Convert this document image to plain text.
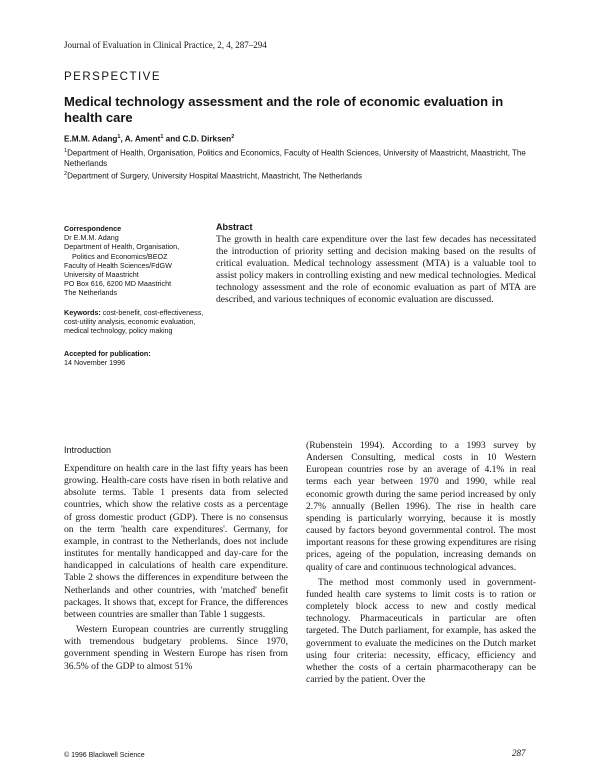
Journal of Evaluation in Clinical Practice, 2, 4, 287–294
PERSPECTIVE
Medical technology assessment and the role of economic evaluation in health care
E.M.M. Adang$^1$, A. Ament$^1$ and C.D. Dirksen$^2$
$^1$Department of Health, Organisation, Politics and Economics, Faculty of Health Sciences, University of Maastricht, Maastricht, The Netherlands
$^2$Department of Surgery, University Hospital Maastricht, Maastricht, The Netherlands
Correspondence
Dr E.M.M. Adang
Department of Health, Organisation,
Politics and Economics/BEOZ
Faculty of Health Sciences/FdGW
University of Maastricht
PO Box 616, 6200 MD Maastricht
The Netherlands
Keywords: cost-benefit, cost-effectiveness, cost-utility analysis, economic evaluation, medical technology, policy making
Accepted for publication:
14 November 1996
Abstract

The growth in health care expenditure over the last few decades has necessitated the introduction of priority setting and decision making based on the results of critical evaluation. Medical technology assessment (MTA) is a valuable tool to assist policy makers in controlling existing and new medical technologies. Medical technology assessment and the role of economic evaluation as part of MTA are described, and various techniques of economic evaluation are discussed.

Introduction

Expenditure on health care in the last fifty years has been growing. Health-care costs have risen in both relative and absolute terms. Table 1 presents data from selected countries, which show the relative costs as a percentage of gross domestic product (GDP). There is no consensus on the term 'health care expenditures'. Germany, for example, in contrast to the Netherlands, does not include institutes for mentally handicapped and day-care for the handicapped in calculations of health care expenditure. Table 2 shows the differences in expenditure between the Netherlands and other countries, with 'matched' benefit packages. It shows that, except for France, the differences between countries are smaller than Table 1 suggests.

Western European countries are currently struggling with tremendous budgetary problems. Since 1970, government spending in Western Europe has risen from 36.5% of the GDP to almost 51%

(Rubenstein 1994). According to a 1993 survey by Andersen Consulting, medical costs in 10 Western European countries rose by an average of 4.1% in real terms each year between 1970 and 1990, while real economic growth during the same period increased by only 2.7% annually (Bellen 1996). The rise in health care spending is particularly worrying, because it is mostly caused by factors beyond governmental control. The most important reasons for these growing expenditures are rising prices, ageing of the population, increasing demands on quality of care and continuous technological advances.

The method most commonly used in government-funded health care systems to limit costs is to ration or completely block access to new and costly medical technology. Pharmaceuticals in particular are often targeted. The Dutch parliament, for example, has asked the government to evaluate the medicines on the Dutch market using four criteria: necessity, efficacy, efficiency and whether the costs of a certain pharmacotherapy can be carried by the patient. Over the

© 1996 Blackwell Science	287
